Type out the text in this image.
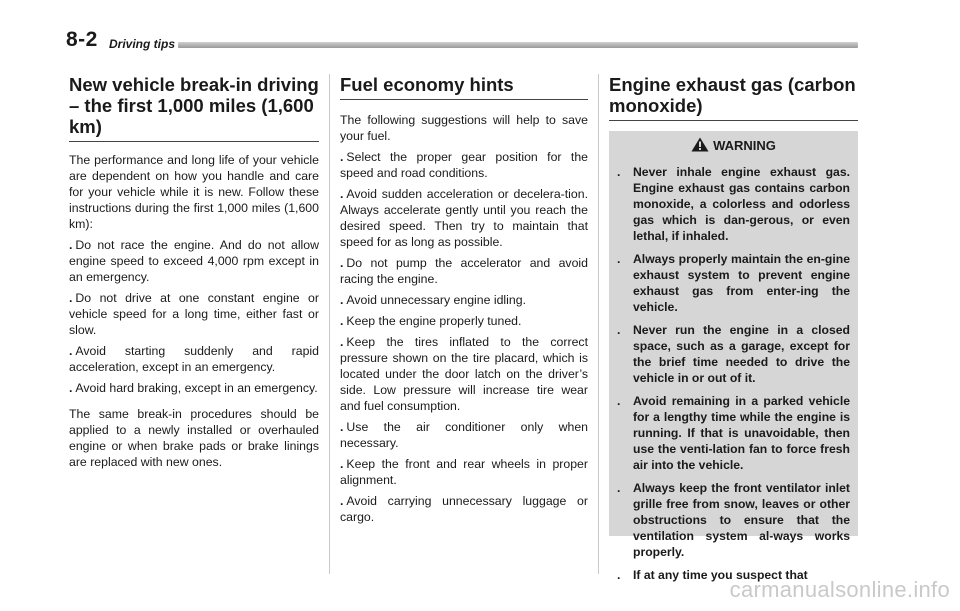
8-2 Driving tips
New vehicle break-in driving – the first 1,000 miles (1,600 km)

The performance and long life of your vehicle are dependent on how you handle and care for your vehicle while it is new. Follow these instructions during the first 1,000 miles (1,600 km):

. Do not race the engine. And do not allow engine speed to exceed 4,000 rpm except in an emergency.

. Do not drive at one constant engine or vehicle speed for a long time, either fast or slow.

. Avoid starting suddenly and rapid acceleration, except in an emergency.

. Avoid hard braking, except in an emergency.

The same break-in procedures should be applied to a newly installed or overhauled engine or when brake pads or brake linings are replaced with new ones.

Fuel economy hints

The following suggestions will help to save your fuel.

. Select the proper gear position for the speed and road conditions.

. Avoid sudden acceleration or decelera-tion. Always accelerate gently until you reach the desired speed. Then try to maintain that speed for as long as possible.

. Do not pump the accelerator and avoid racing the engine.

. Avoid unnecessary engine idling.

. Keep the engine properly tuned.

. Keep the tires inflated to the correct pressure shown on the tire placard, which is located under the door latch on the driver’s side. Low pressure will increase tire wear and fuel consumption.

. Use the air conditioner only when necessary.

. Keep the front and rear wheels in proper alignment.

. Avoid carrying unnecessary luggage or cargo.

Engine exhaust gas (carbon monoxide)
WARNING
.	Never inhale engine exhaust gas. Engine exhaust gas contains carbon monoxide, a colorless and odorless gas which is dan-gerous, or even lethal, if inhaled.
.	Always properly maintain the en-gine exhaust system to prevent engine exhaust gas from enter-ing the vehicle.
.	Never run the engine in a closed space, such as a garage, except for the brief time needed to drive the vehicle in or out of it.
.	Avoid remaining in a parked vehicle for a lengthy time while the engine is running. If that is unavoidable, then use the venti-lation fan to force fresh air into the vehicle.
.	Always keep the front ventilator inlet grille free from snow, leaves or other obstructions to ensure that the ventilation system al-ways works properly.
.	If at any time you suspect that
carmanualsonline.info
